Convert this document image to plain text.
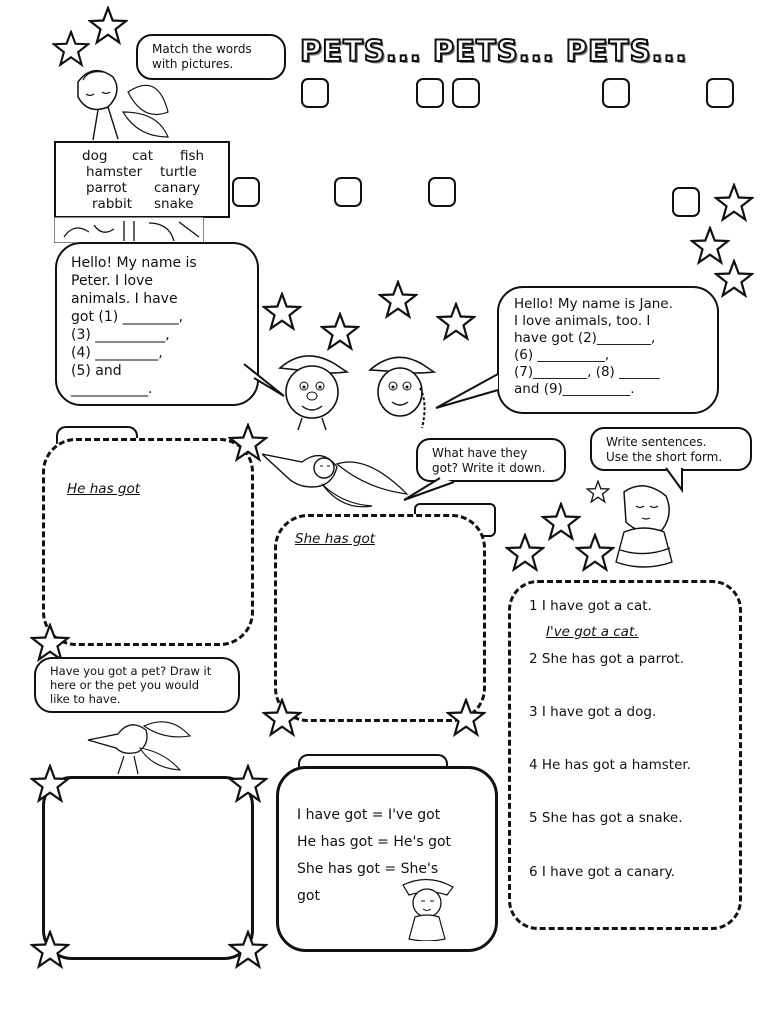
PETS... PETS... PETS...
Match the words
with pictures.
dog cat fish
hamster turtle
parrot canary
rabbit snake
Hello! My name is
Peter. I love
animals. I have
got (1) ________,
(3) __________,
(4) _________,
(5) and
___________.
Hello! My name is Jane.
I love animals, too. I
have got (2)________,
(6) __________,
(7)________, (8) ______
and (9)__________.
He has got
What have they
got? Write it down.
Write sentences.
Use the short form.
She has got
1 I have got a cat.
I've got a cat.
2 She has got a parrot.
3 I have got a dog.
4 He has got a hamster.
5 She has got a snake.
6 I have got a canary.
Have you got a pet? Draw it
here or the pet you would
like to have.
I have got = I've got
He has got = He's got
She has got = She's
got
